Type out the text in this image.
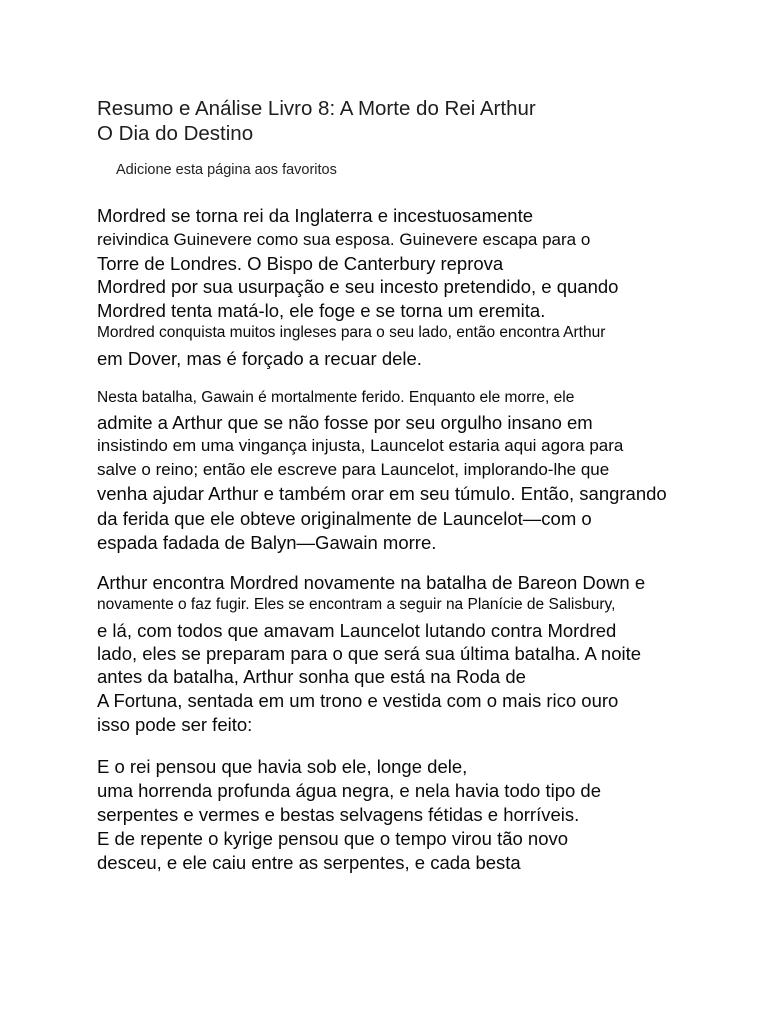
Resumo e Análise Livro 8: A Morte do Rei Arthur
O Dia do Destino
Adicione esta página aos favoritos
Mordred se torna rei da Inglaterra e incestuosamente
reivindica Guinevere como sua esposa. Guinevere escapa para o
Torre de Londres. O Bispo de Canterbury reprova
Mordred por sua usurpação e seu incesto pretendido, e quando
Mordred tenta matá-lo, ele foge e se torna um eremita.
Mordred conquista muitos ingleses para o seu lado, então encontra Arthur
em Dover, mas é forçado a recuar dele.
Nesta batalha, Gawain é mortalmente ferido. Enquanto ele morre, ele
admite a Arthur que se não fosse por seu orgulho insano em
insistindo em uma vingança injusta, Launcelot estaria aqui agora para
salve o reino; então ele escreve para Launcelot, implorando-lhe que
venha ajudar Arthur e também orar em seu túmulo. Então, sangrando
da ferida que ele obteve originalmente de Launcelot—com o
espada fadada de Balyn—Gawain morre.
Arthur encontra Mordred novamente na batalha de Bareon Down e
novamente o faz fugir. Eles se encontram a seguir na Planície de Salisbury,
e lá, com todos que amavam Launcelot lutando contra Mordred
lado, eles se preparam para o que será sua última batalha. A noite
antes da batalha, Arthur sonha que está na Roda de
A Fortuna, sentada em um trono e vestida com o mais rico ouro
isso pode ser feito:
E o rei pensou que havia sob ele, longe dele,
uma horrenda profunda água negra, e nela havia todo tipo de
serpentes e vermes e bestas selvagens fétidas e horríveis.
E de repente o kyrige pensou que o tempo virou tão novo
desceu, e ele caiu entre as serpentes, e cada besta
